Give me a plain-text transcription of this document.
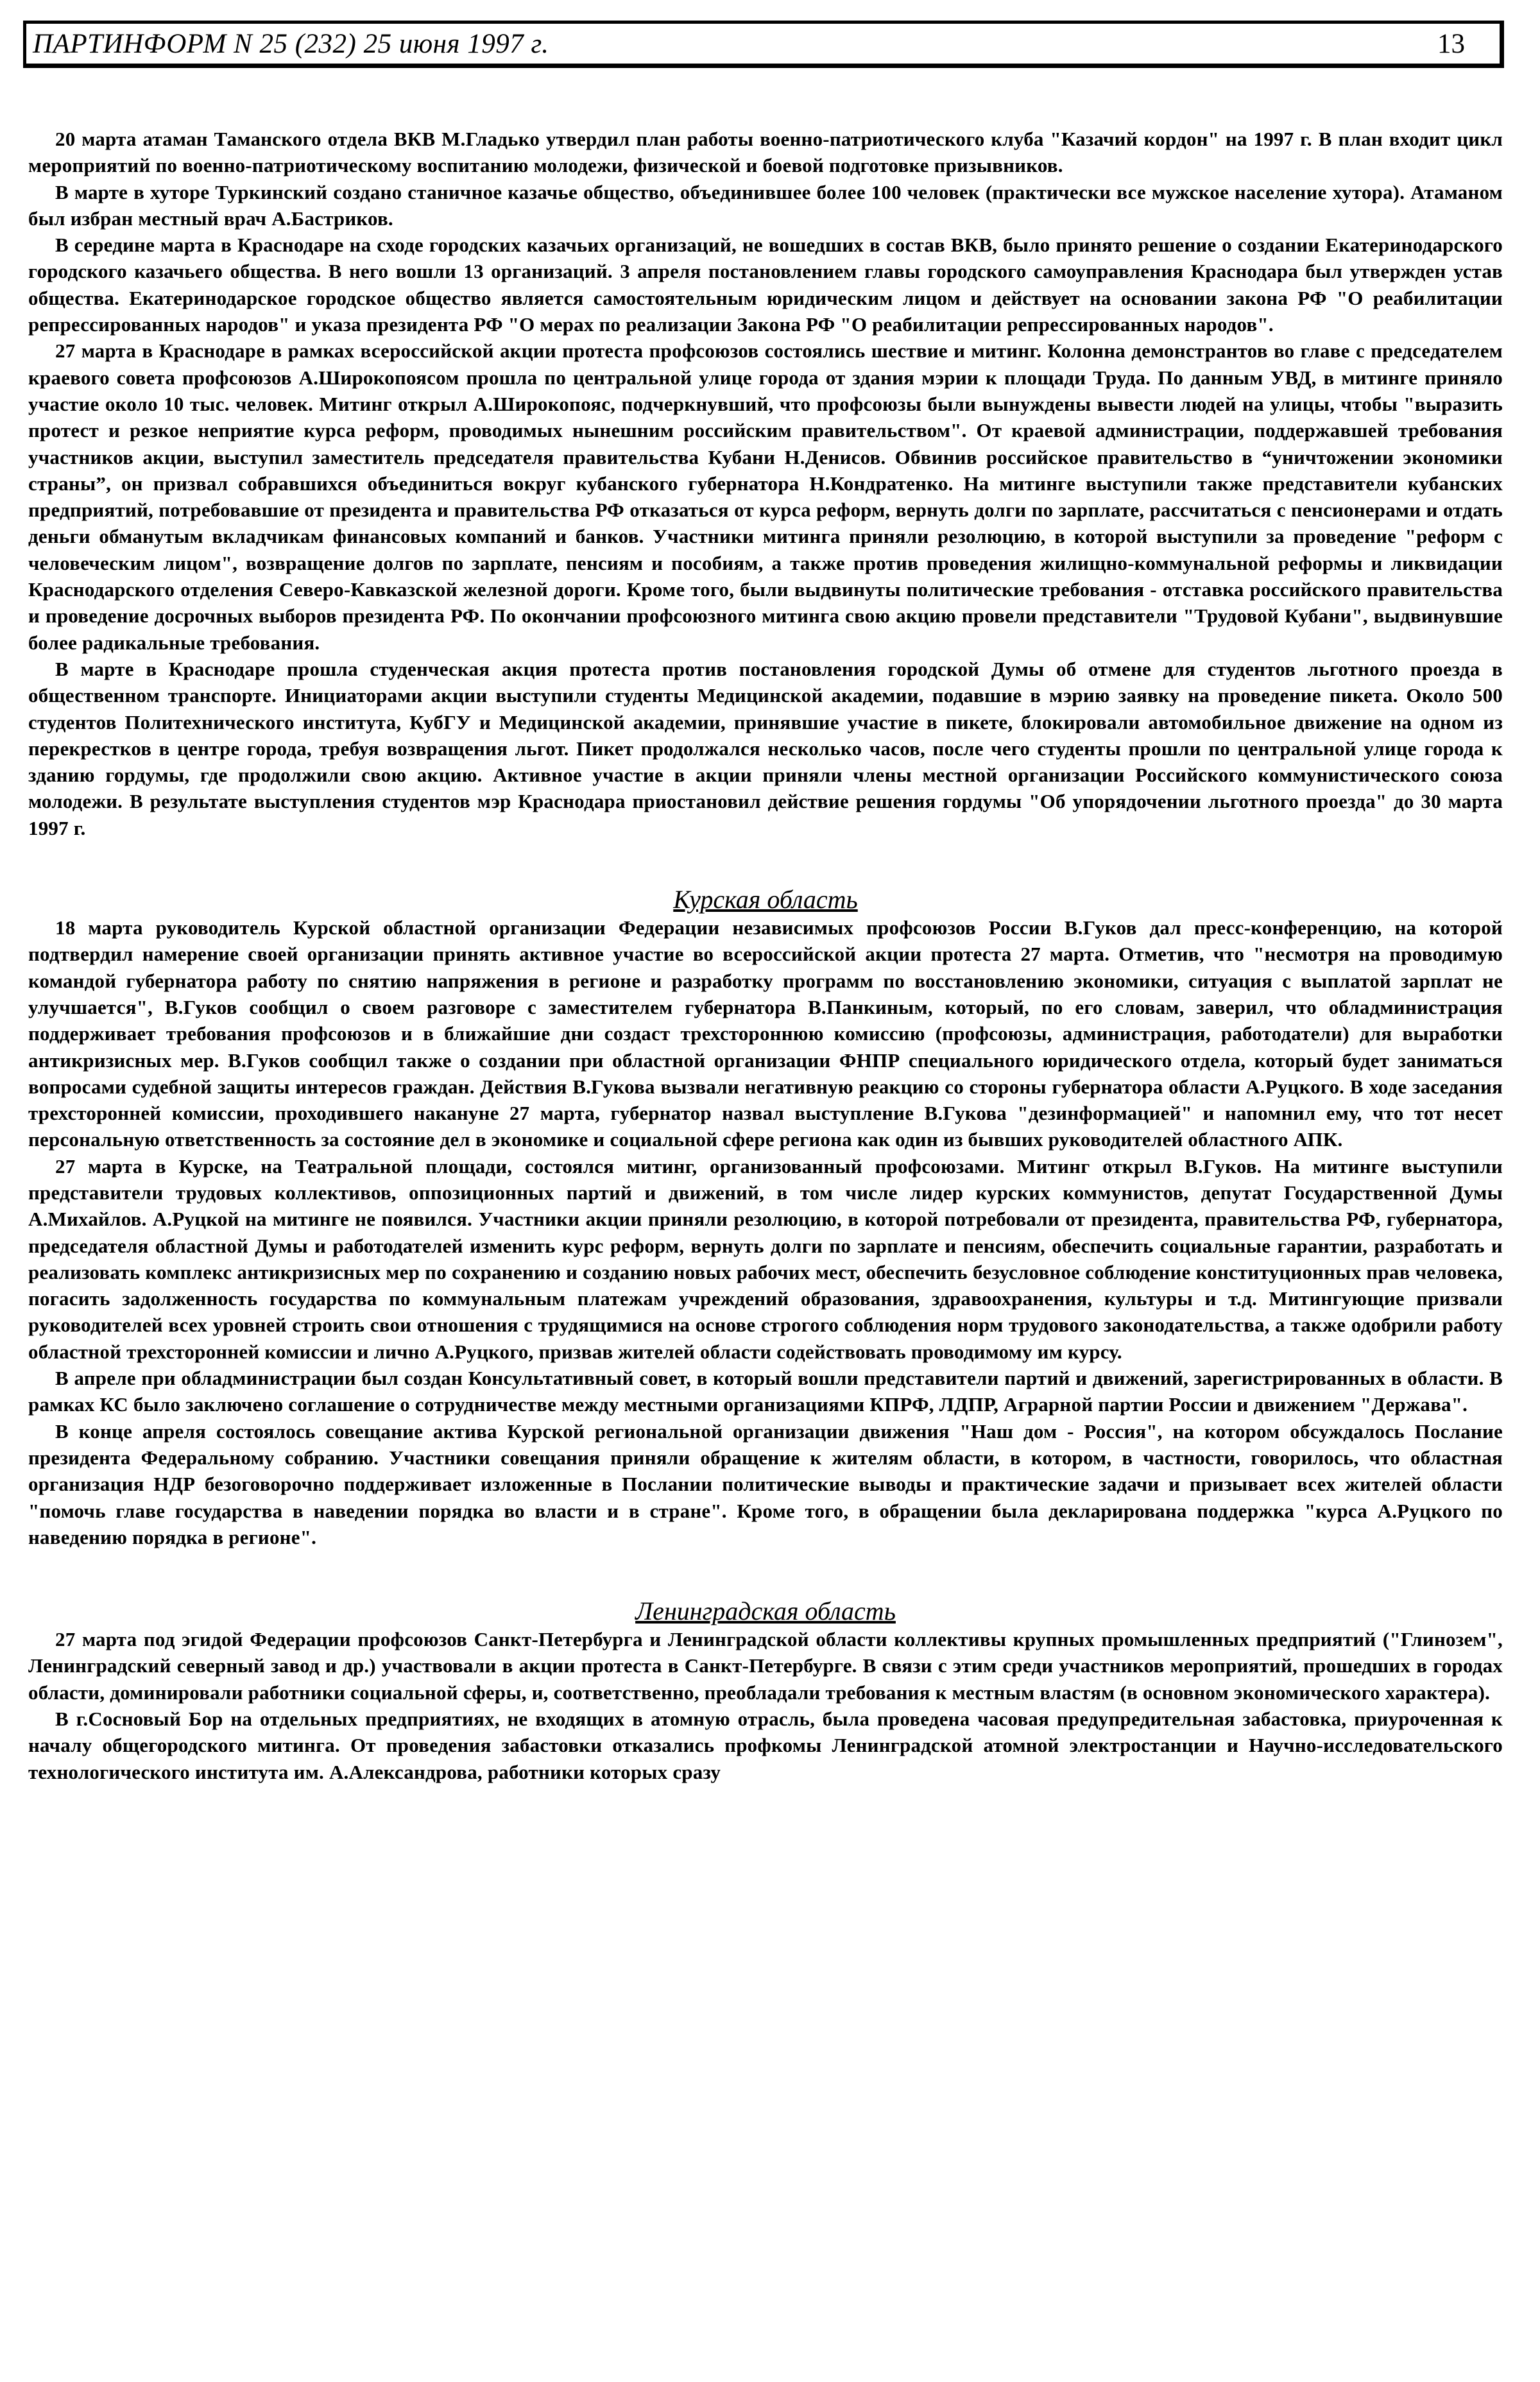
ПАРТИНФОРМ N 25 (232) 25 июня 1997 г.	13

20 марта атаман Таманского отдела ВКВ М.Гладько утвердил план работы военно-патриотического клуба "Казачий кордон" на 1997 г. В план входит цикл мероприятий по военно-патриотическому воспитанию молодежи, физической и боевой подготовке призывников.

В марте в хуторе Туркинский создано станичное казачье общество, объединившее более 100 человек (практически все мужское население хутора). Атаманом был избран местный врач А.Бастриков.

В середине марта в Краснодаре на сходе городских казачьих организаций, не вошедших в состав ВКВ, было принято решение о создании Екатеринодарского городского казачьего общества. В него вошли 13 организаций. 3 апреля постановлением главы городского самоуправления Краснодара был утвержден устав общества. Екатеринодарское городское общество является самостоятельным юридическим лицом и действует на основании закона РФ "О реабилитации репрессированных народов" и указа президента РФ "О мерах по реализации Закона РФ "О реабилитации репрессированных народов".

27 марта в Краснодаре в рамках всероссийской акции протеста профсоюзов состоялись шествие и митинг. Колонна демонстрантов во главе с председателем краевого совета профсоюзов А.Широкопоясом прошла по центральной улице города от здания мэрии к площади Труда. По данным УВД, в митинге приняло участие около 10 тыс. человек. Митинг открыл А.Широкопояс, подчеркнувший, что профсоюзы были вынуждены вывести людей на улицы, чтобы "выразить протест и резкое неприятие курса реформ, проводимых нынешним российским правительством". От краевой администрации, поддержавшей требования участников акции, выступил заместитель председателя правительства Кубани Н.Денисов. Обвинив российское правительство в “уничтожении экономики страны”, он призвал собравшихся объединиться вокруг кубанского губернатора Н.Кондратенко. На митинге выступили также представители кубанских предприятий, потребовавшие от президента и правительства РФ отказаться от курса реформ, вернуть долги по зарплате, рассчитаться с пенсионерами и отдать деньги обманутым вкладчикам финансовых компаний и банков. Участники митинга приняли резолюцию, в которой выступили за проведение "реформ с человеческим лицом", возвращение долгов по зарплате, пенсиям и пособиям, а также против проведения жилищно-коммунальной реформы и ликвидации Краснодарского отделения Северо-Кавказской железной дороги. Кроме того, были выдвинуты политические требования - отставка российского правительства и проведение досрочных выборов президента РФ. По окончании профсоюзного митинга свою акцию провели представители "Трудовой Кубани", выдвинувшие более радикальные требования.

В марте в Краснодаре прошла студенческая акция протеста против постановления городской Думы об отмене для студентов льготного проезда в общественном транспорте. Инициаторами акции выступили студенты Медицинской академии, подавшие в мэрию заявку на проведение пикета. Около 500 студентов Политехнического института, КубГУ и Медицинской академии, принявшие участие в пикете, блокировали автомобильное движение на одном из перекрестков в центре города, требуя возвращения льгот. Пикет продолжался несколько часов, после чего студенты прошли по центральной улице города к зданию гордумы, где продолжили свою акцию. Активное участие в акции приняли члены местной организации Российского коммунистического союза молодежи. В результате выступления студентов мэр Краснодара приостановил действие решения гордумы "Об упорядочении льготного проезда" до 30 марта 1997 г.

Курская область

18 марта руководитель Курской областной организации Федерации независимых профсоюзов России В.Гуков дал пресс-конференцию, на которой подтвердил намерение своей организации принять активное участие во всероссийской акции протеста 27 марта. Отметив, что "несмотря на проводимую командой губернатора работу по снятию напряжения в регионе и разработку программ по восстановлению экономики, ситуация с выплатой зарплат не улучшается", В.Гуков сообщил о своем разговоре с заместителем губернатора В.Панкиным, который, по его словам, заверил, что обладминистрация поддерживает требования профсоюзов и в ближайшие дни создаст трехстороннюю комиссию (профсоюзы, администрация, работодатели) для выработки антикризисных мер. В.Гуков сообщил также о создании при областной организации ФНПР специального юридического отдела, который будет заниматься вопросами судебной защиты интересов граждан. Действия В.Гукова вызвали негативную реакцию со стороны губернатора области А.Руцкого. В ходе заседания трехсторонней комиссии, проходившего накануне 27 марта, губернатор назвал выступление В.Гукова "дезинформацией" и напомнил ему, что тот несет персональную ответственность за состояние дел в экономике и социальной сфере региона как один из бывших руководителей областного АПК.

27 марта в Курске, на Театральной площади, состоялся митинг, организованный профсоюзами. Митинг открыл В.Гуков. На митинге выступили представители трудовых коллективов, оппозиционных партий и движений, в том числе лидер курских коммунистов, депутат Государственной Думы А.Михайлов. А.Руцкой на митинге не появился. Участники акции приняли резолюцию, в которой потребовали от президента, правительства РФ, губернатора, председателя областной Думы и работодателей изменить курс реформ, вернуть долги по зарплате и пенсиям, обеспечить социальные гарантии, разработать и реализовать комплекс антикризисных мер по сохранению и созданию новых рабочих мест, обеспечить безусловное соблюдение конституционных прав человека, погасить задолженность государства по коммунальным платежам учреждений образования, здравоохранения, культуры и т.д. Митингующие призвали руководителей всех уровней строить свои отношения с трудящимися на основе строгого соблюдения норм трудового законодательства, а также одобрили работу областной трехсторонней комиссии и лично А.Руцкого, призвав жителей области содействовать проводимому им курсу.

В апреле при обладминистрации был создан Консультативный совет, в который вошли представители партий и движений, зарегистрированных в области. В рамках КС было заключено соглашение о сотрудничестве между местными организациями КПРФ, ЛДПР, Аграрной партии России и движением "Держава".

В конце апреля состоялось совещание актива Курской региональной организации движения "Наш дом - Россия", на котором обсуждалось Послание президента Федеральному собранию. Участники совещания приняли обращение к жителям области, в котором, в частности, говорилось, что областная организация НДР безоговорочно поддерживает изложенные в Послании политические выводы и практические задачи и призывает всех жителей области "помочь главе государства в наведении порядка во власти и в стране". Кроме того, в обращении была декларирована поддержка "курса А.Руцкого по наведению порядка в регионе".

Ленинградская область

27 марта под эгидой Федерации профсоюзов Санкт-Петербурга и Ленинградской области коллективы крупных промышленных предприятий ("Глинозем", Ленинградский северный завод и др.) участвовали в акции протеста в Санкт-Петербурге. В связи с этим среди участников мероприятий, прошедших в городах области, доминировали работники социальной сферы, и, соответственно, преобладали требования к местным властям (в основном экономического характера).

В г.Сосновый Бор на отдельных предприятиях, не входящих в атомную отрасль, была проведена часовая предупредительная забастовка, приуроченная к началу общегородского митинга. От проведения забастовки отказались профкомы Ленинградской атомной электростанции и Научно-исследовательского технологического института им. А.Александрова, работники которых сразу
